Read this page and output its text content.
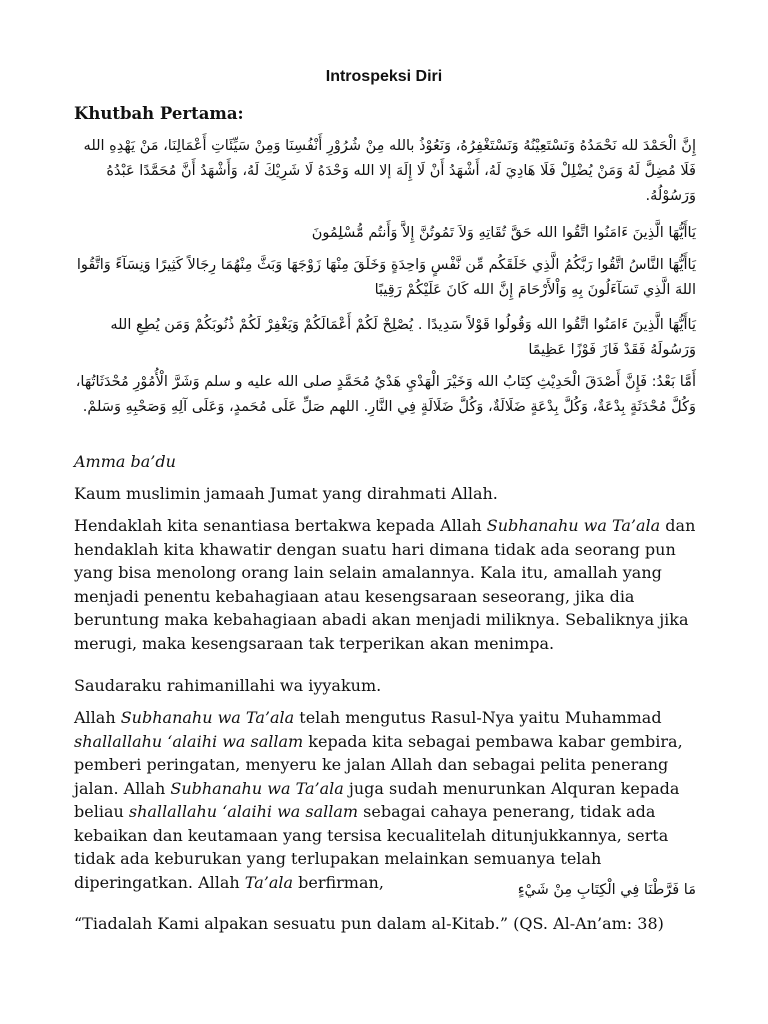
Introspeksi Diri
Khutbah Pertama:
إِنَّ الْحَمْدَ لله نَحْمَدُهُ وَنَسْتَعِيْنُهُ وَنَسْتَغْفِرُهُ، وَنَعُوْذُ بالله مِنْ شُرُوْرِ أَنْفُسِنَا وَمِنْ سَيِّئَاتِ أَعْمَالِنَا، مَنْ يَهْدِهِ الله فَلَا مُضِلَّ لَهُ وَمَنْ يُضْلِلْ فَلَا هَادِيَ لَهُ، أَشْهَدُ أَنْ لَا إِلَهَ إلا الله وَحْدَهُ لَا شَرِيْكَ لَهُ، وَأَشْهَدُ أَنَّ مُحَمَّدًا عَبْدُهُ وَرَسُوْلُهُ.
يَاأَيُّهَا الَّذِينَ ءَامَنُوا اتَّقُوا الله حَقَّ تُقَاتِهِ وَلاَ تَمُوتُنَّ إِلاَّ وَأَنتُم مُّسْلِمُونَ
يَاأَيُّهَا النَّاسُ اتَّقُوا رَبَّكُمُ الَّذِي خَلَقَكُم مِّن نَّفْسٍ وَاحِدَةٍ وَخَلَقَ مِنْهَا زَوْجَهَا وَبَثَّ مِنْهُمَا رِجَالاً كَثِيرًا وَنِسَآءً وَاتَّقُوا اللهَ الَّذِي تَسَآءَلُونَ بِهِ وَاْلأَرْحَامَ إِنَّ الله كَانَ عَلَيْكُمْ رَقِيبًا
يَاأَيُّهَا الَّذِينَ ءَامَنُوا اتَّقُوا الله وَقُولُوا قَوْلاً سَدِيدًا . يُصْلِحْ لَكُمْ أَعْمَالَكُمْ وَيَغْفِرْ لَكُمْ ذُنُوبَكُمْ وَمَن يُطِعِ الله وَرَسُولَهُ فَقَدْ فَازَ فَوْزًا عَظِيمًا
أَمَّا بَعْدُ: فَإِنَّ أَصْدَقَ الْحَدِيْثِ كِتَابُ الله وَخَيْرَ الْهَدْيِ هَدْيُ مُحَمَّدٍ صلى الله عليه و سلم وَشَرَّ الْأُمُوْرِ مُحْدَثَاتُهَا، وَكُلَّ مُحْدَثَةٍ بِدْعَةٌ، وَكُلَّ بِدْعَةٍ ضَلَالَةٌ، وَكُلَّ ضَلَالَةٍ فِي النَّارِ. اللهم صَلِّ عَلَى مُحَمدٍ، وَعَلَى آلِهِ وَصَحْبِهِ وَسَلمْ.
Amma ba’du
Kaum muslimin jamaah Jumat yang dirahmati Allah.
Hendaklah kita senantiasa bertakwa kepada Allah Subhanahu wa Ta’ala dan hendaklah kita khawatir dengan suatu hari dimana tidak ada seorang pun yang bisa menolong orang lain selain amalannya. Kala itu, amallah yang menjadi penentu kebahagiaan atau kesengsaraan seseorang, jika dia beruntung maka kebahagiaan abadi akan menjadi miliknya. Sebaliknya jika merugi, maka kesengsaraan tak terperikan akan menimpa.
Saudaraku rahimanillahi wa iyyakum.
Allah Subhanahu wa Ta’ala telah mengutus Rasul-Nya yaitu Muhammad shallallahu ‘alaihi wa sallam kepada kita sebagai pembawa kabar gembira, pemberi peringatan, menyeru ke jalan Allah dan sebagai pelita penerang jalan. Allah Subhanahu wa Ta’ala juga sudah menurunkan Alquran kepada beliau shallallahu ‘alaihi wa sallam sebagai cahaya penerang, tidak ada kebaikan dan keutamaan yang tersisa kecualitelah ditunjukkannya, serta tidak ada keburukan yang terlupakan melainkan semuanya telah diperingatkan. Allah Ta’ala berfirman,	مَا فَرَّطْنَا فِي الْكِتَابِ مِنْ شَيْءٍ
“Tiadalah Kami alpakan sesuatu pun dalam al-Kitab.” (QS. Al-An’am: 38)
